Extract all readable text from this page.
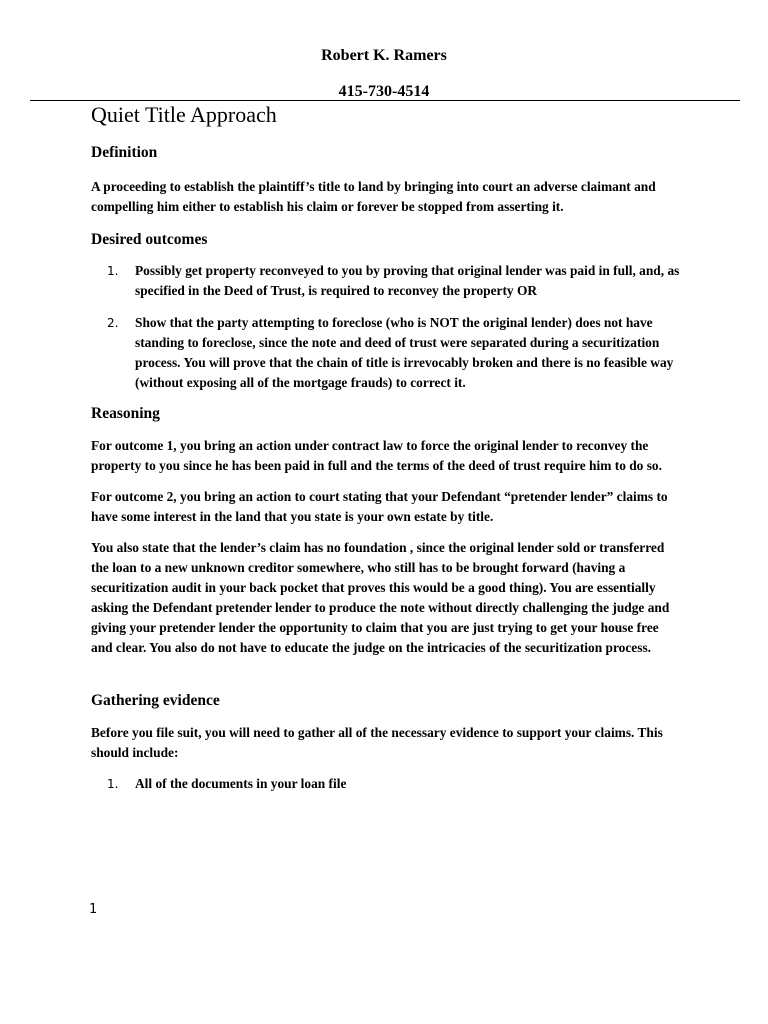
Robert K. Ramers
415-730-4514
Quiet Title Approach
Definition

A proceeding to establish the plaintiff’s title to land by bringing into court an adverse claimant and compelling him either to establish his claim or forever be stopped from asserting it.

Desired outcomes
1. Possibly get property reconveyed to you by proving that original lender was paid in full, and, as specified in the Deed of Trust, is required to reconvey the property OR
2. Show that the party attempting to foreclose (who is NOT the original lender) does not have standing to foreclose, since the note and deed of trust were separated during a securitization process. You will prove that the chain of title is irrevocably broken and there is no feasible way (without exposing all of the mortgage frauds) to correct it.
Reasoning

For outcome 1, you bring an action under contract law to force the original lender to reconvey the property to you since he has been paid in full and the terms of the deed of trust require him to do so.

For outcome 2, you bring an action to court stating that your Defendant “pretender lender” claims to have some interest in the land that you state is your own estate by title.

You also state that the lender’s claim has no foundation , since the original lender sold or transferred the loan to a new unknown creditor somewhere, who still has to be brought forward (having a securitization audit in your back pocket that proves this would be a good thing). You are essentially asking the Defendant pretender lender to produce the note without directly challenging the judge and giving your pretender lender the opportunity to claim that you are just trying to get your house free and clear. You also do not have to educate the judge on the intricacies of the securitization process.

Gathering evidence

Before you file suit, you will need to gather all of the necessary evidence to support your claims. This should include:

1. All of the documents in your loan file
1
